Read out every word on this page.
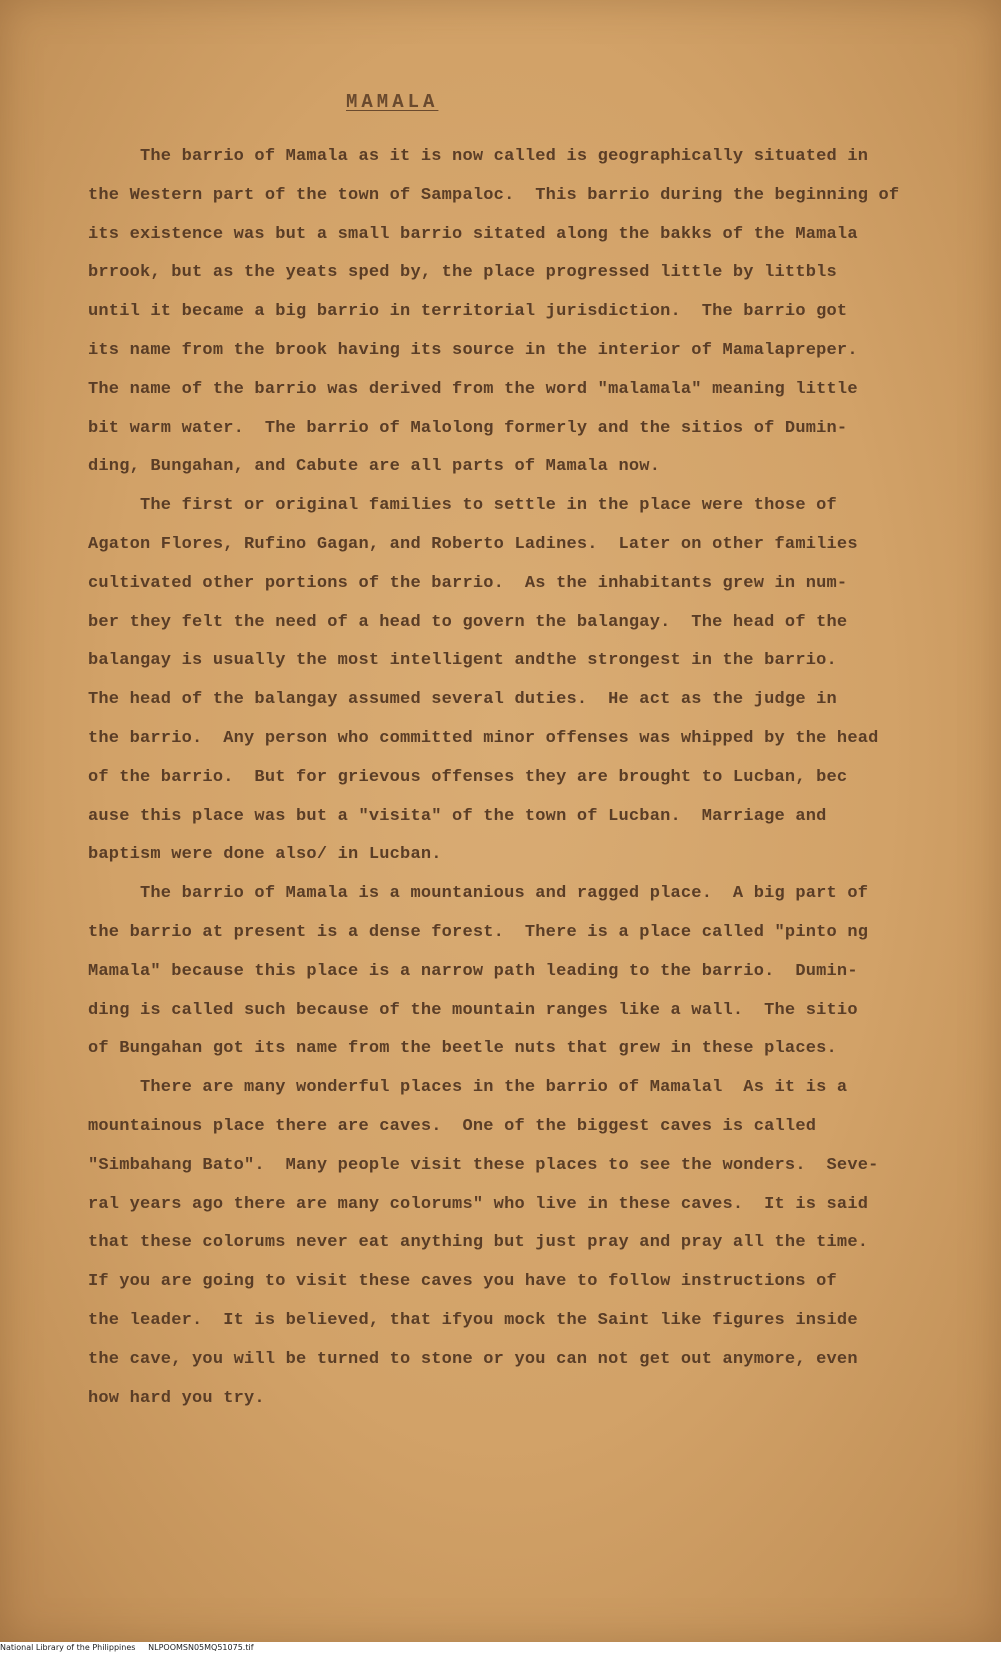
MAMALA
The barrio of Mamala as it is now called is geographically situated in
the Western part of the town of Sampaloc.  This barrio during the beginning of
its existence was but a small barrio sitated along the bakks of the Mamala
brrook, but as the yeats sped by, the place progressed little by littbls
until it became a big barrio in territorial jurisdiction.  The barrio got
its name from the brook having its source in the interior of Mamalapreper.
The name of the barrio was derived from the word "malamala" meaning little
bit warm water.  The barrio of Malolong formerly and the sitios of Dumin-
ding, Bungahan, and Cabute are all parts of Mamala now.
The first or original families to settle in the place were those of
Agaton Flores, Rufino Gagan, and Roberto Ladines.  Later on other families
cultivated other portions of the barrio.  As the inhabitants grew in num-
ber they felt the need of a head to govern the balangay.  The head of the
balangay is usually the most intelligent andthe strongest in the barrio.
The head of the balangay assumed several duties.  He act as the judge in
the barrio.  Any person who committed minor offenses was whipped by the head
of the barrio.  But for grievous offenses they are brought to Lucban, bec
ause this place was but a "visita" of the town of Lucban.  Marriage and
baptism were done also/ in Lucban.
The barrio of Mamala is a mountanious and ragged place.  A big part of
the barrio at present is a dense forest.  There is a place called "pinto ng
Mamala" because this place is a narrow path leading to the barrio.  Dumin-
ding is called such because of the mountain ranges like a wall.  The sitio
of Bungahan got its name from the beetle nuts that grew in these places.
There are many wonderful places in the barrio of Mamalal  As it is a
mountainous place there are caves.  One of the biggest caves is called
"Simbahang Bato".  Many people visit these places to see the wonders.  Seve-
ral years ago there are many colorums" who live in these caves.  It is said
that these colorums never eat anything but just pray and pray all the time.
If you are going to visit these caves you have to follow instructions of
the leader.  It is believed, that ifyou mock the Saint like figures inside
the cave, you will be turned to stone or you can not get out anymore, even
how hard you try.
National Library of the Philippines     NLPOOMSN05MQ51075.tif
